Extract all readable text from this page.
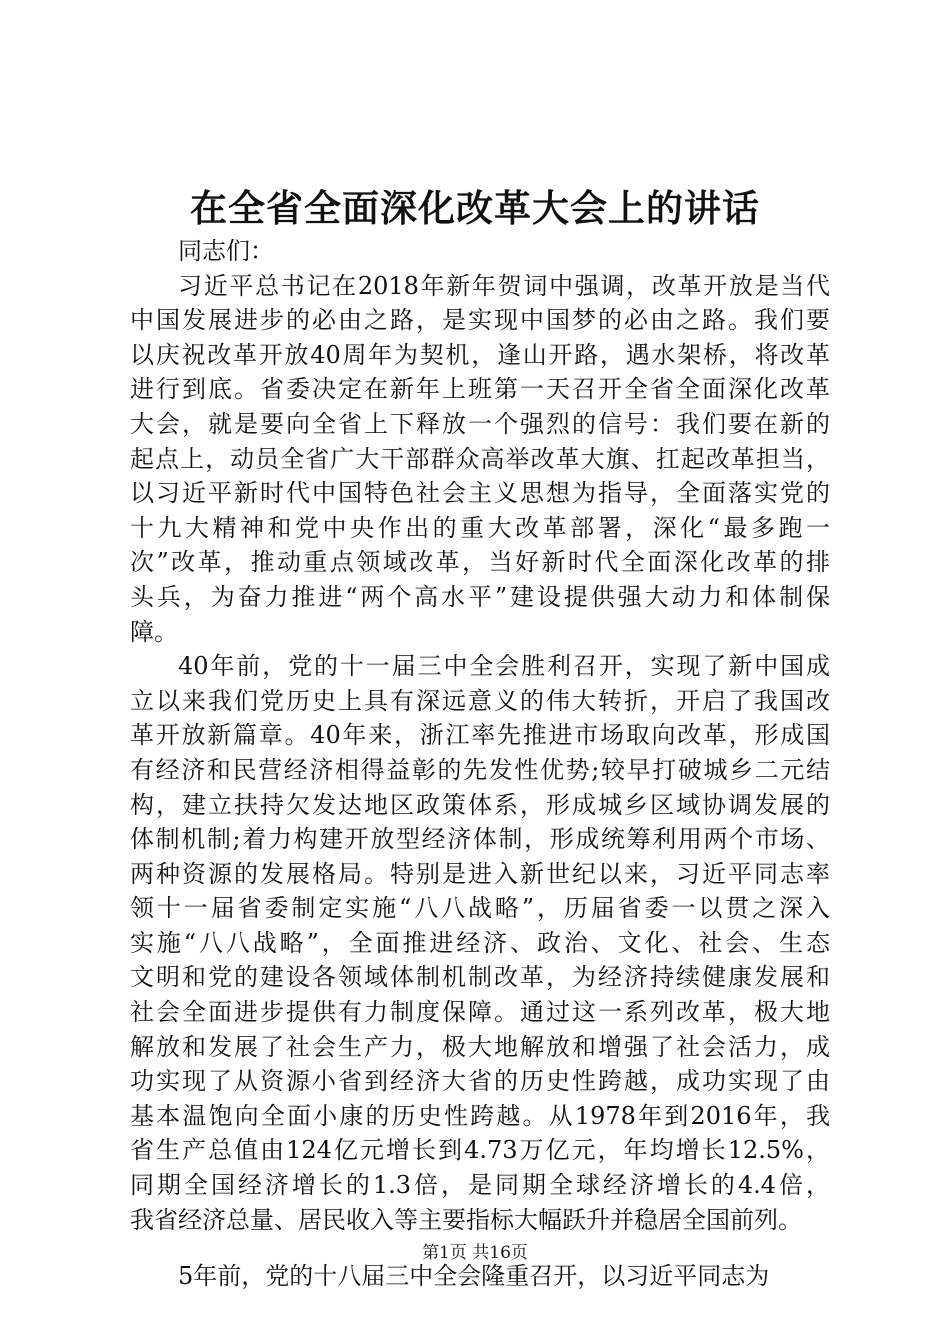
在全省全面深化改革大会上的讲话
同志们：
习近平总书记在2018年新年贺词中强调，改革开放是当代
中国发展进步的必由之路，是实现中国梦的必由之路。我们要
以庆祝改革开放40周年为契机，逢山开路，遇水架桥，将改革
进行到底。省委决定在新年上班第一天召开全省全面深化改革
大会，就是要向全省上下释放一个强烈的信号：我们要在新的
起点上，动员全省广大干部群众高举改革大旗、扛起改革担当，
以习近平新时代中国特色社会主义思想为指导，全面落实党的
十九大精神和党中央作出的重大改革部署，深化“最多跑一
次”改革，推动重点领域改革，当好新时代全面深化改革的排
头兵，为奋力推进“两个高水平”建设提供强大动力和体制保
障。
40年前，党的十一届三中全会胜利召开，实现了新中国成
立以来我们党历史上具有深远意义的伟大转折，开启了我国改
革开放新篇章。40年来，浙江率先推进市场取向改革，形成国
有经济和民营经济相得益彰的先发性优势;较早打破城乡二元结
构，建立扶持欠发达地区政策体系，形成城乡区域协调发展的
体制机制;着力构建开放型经济体制，形成统筹利用两个市场、
两种资源的发展格局。特别是进入新世纪以来，习近平同志率
领十一届省委制定实施“八八战略”，历届省委一以贯之深入
实施“八八战略”，全面推进经济、政治、文化、社会、生态
文明和党的建设各领域体制机制改革，为经济持续健康发展和
社会全面进步提供有力制度保障。通过这一系列改革，极大地
解放和发展了社会生产力，极大地解放和增强了社会活力，成
功实现了从资源小省到经济大省的历史性跨越，成功实现了由
基本温饱向全面小康的历史性跨越。从1978年到2016年，我
省生产总值由124亿元增长到4.73万亿元，年均增长12.5%，
同期全国经济增长的1.3倍，是同期全球经济增长的4.4倍，
我省经济总量、居民收入等主要指标大幅跃升并稳居全国前列。
5年前，党的十八届三中全会隆重召开，以习近平同志为
第1页 共16页
